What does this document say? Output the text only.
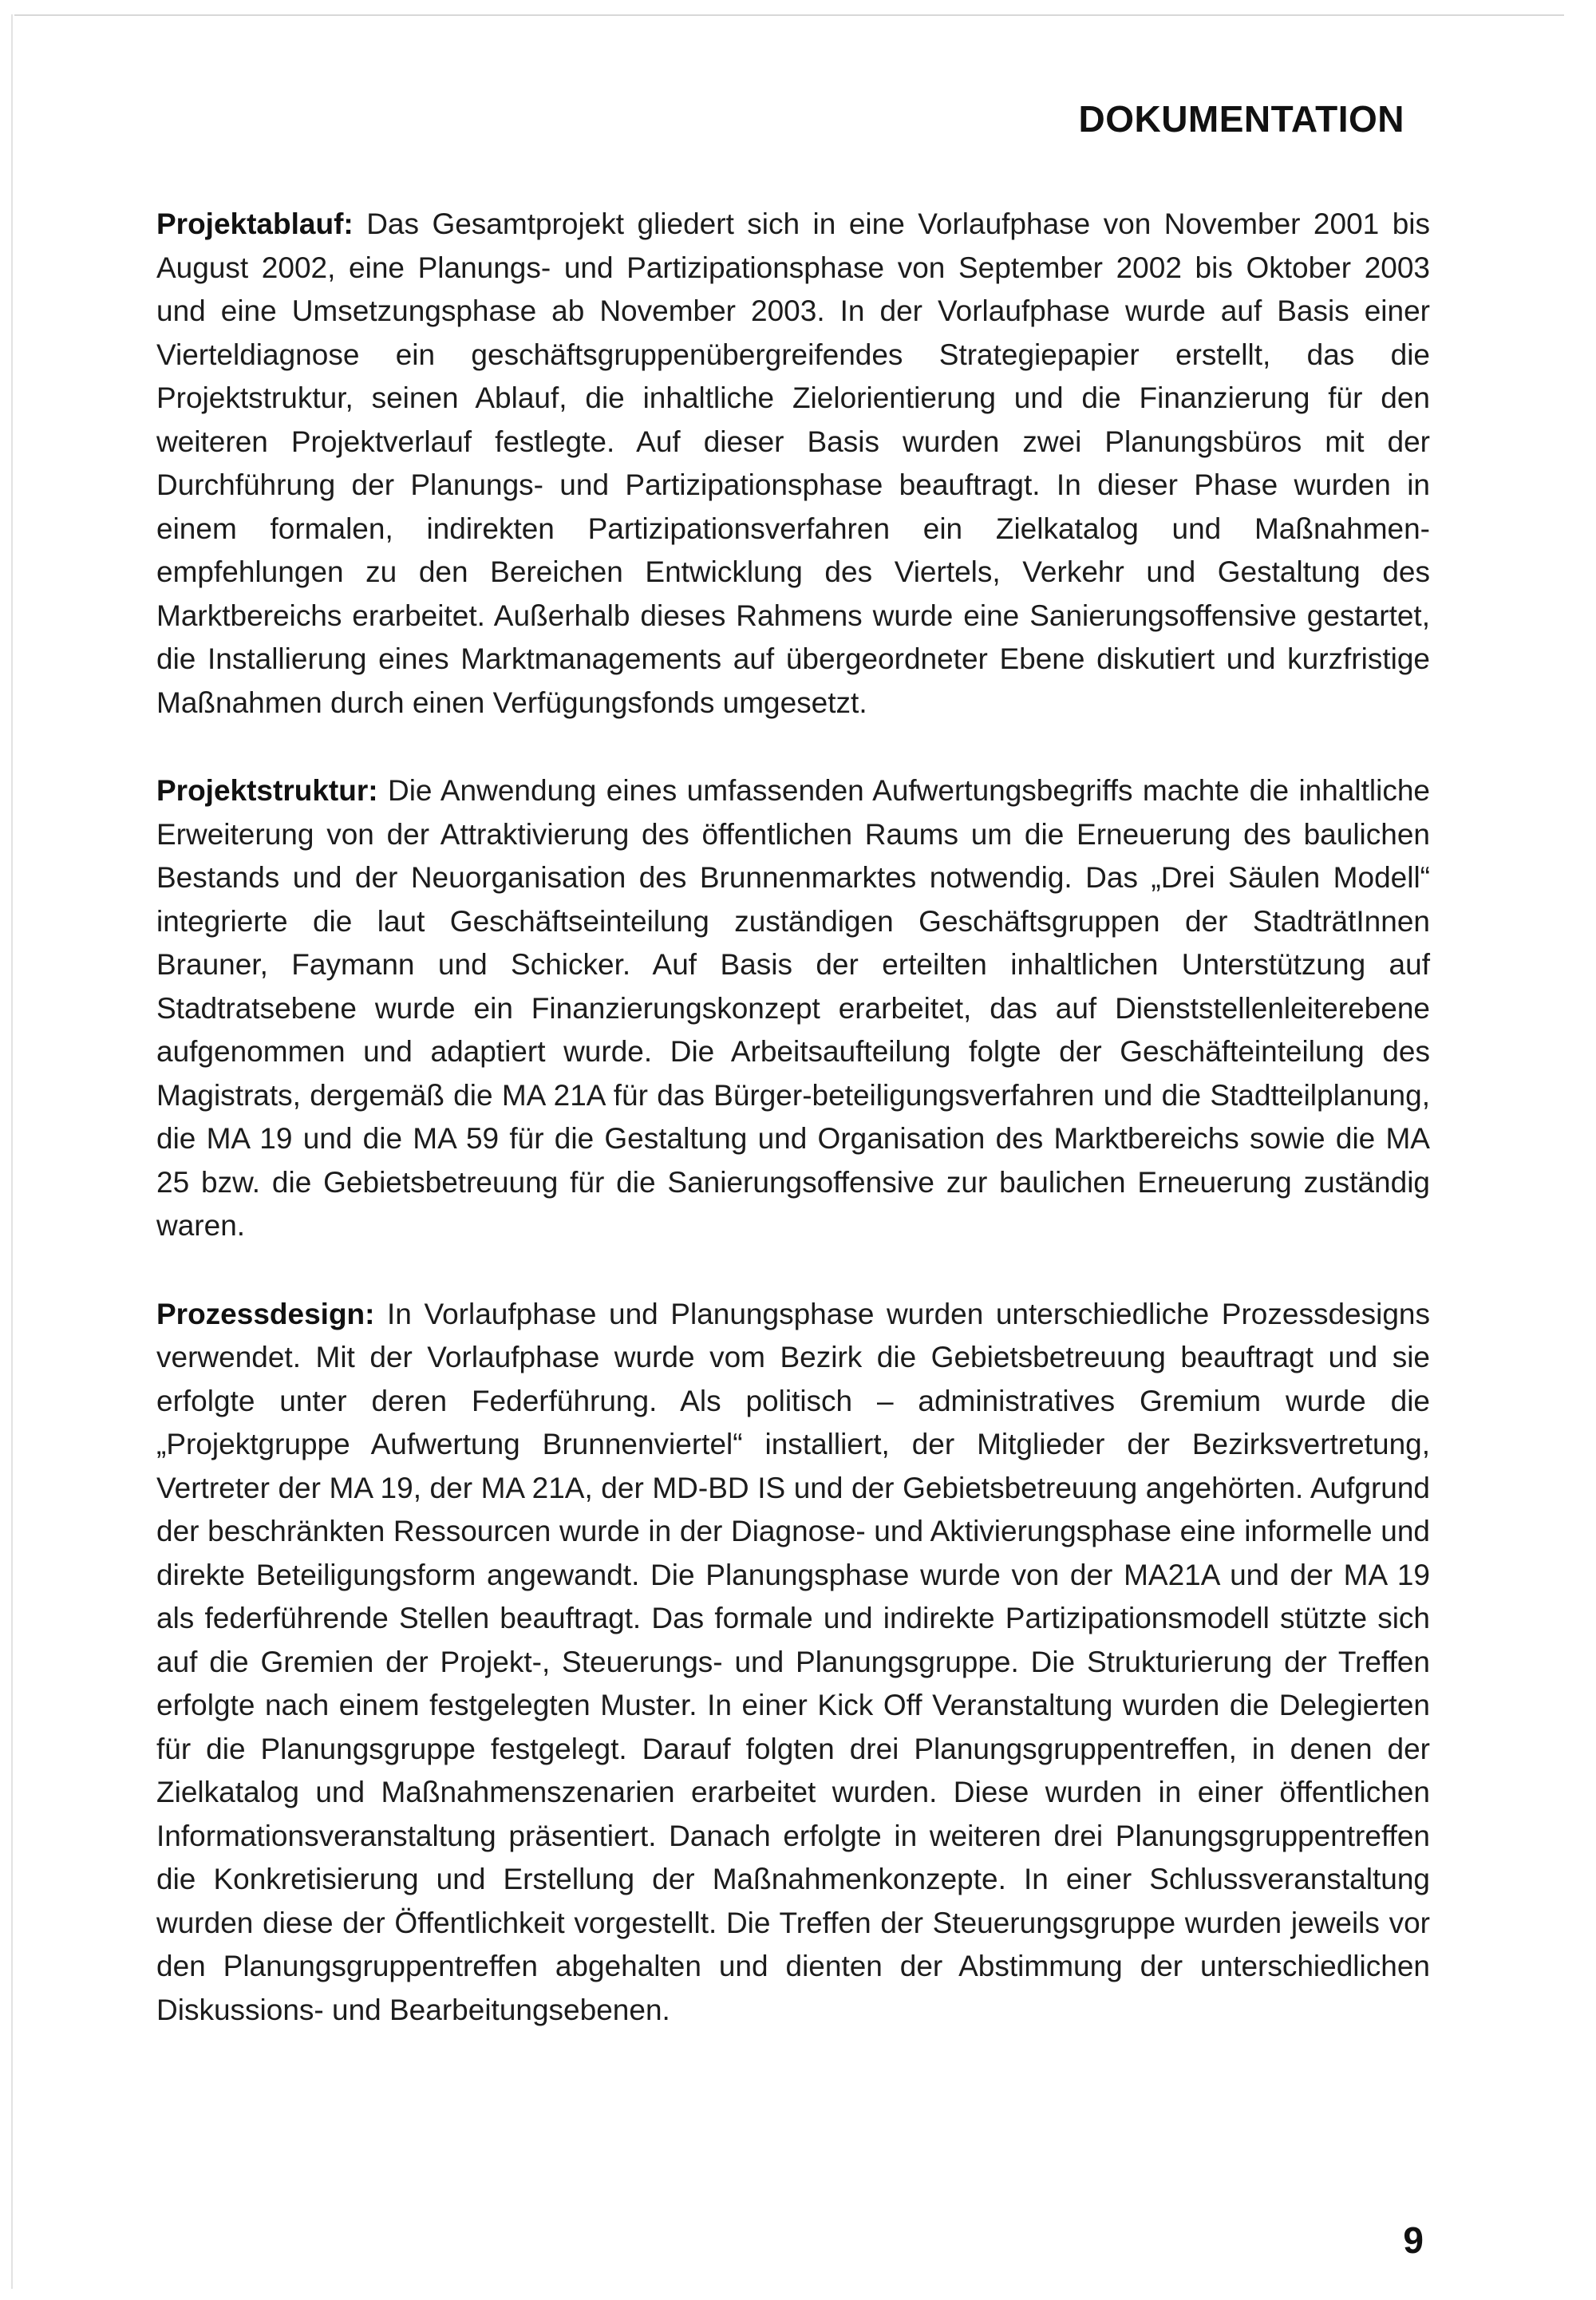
DOKUMENTATION

Projektablauf: Das Gesamtprojekt gliedert sich in eine Vorlaufphase von November 2001 bis August 2002, eine Planungs- und Partizipationsphase von September 2002 bis Oktober 2003 und eine Umsetzungsphase ab November 2003. In der Vorlaufphase wurde auf Basis einer Vierteldiagnose ein geschäftsgruppenübergreifendes Strategiepapier erstellt, das die Projektstruktur, seinen Ablauf, die inhaltliche Zielorientierung und die Finanzierung für den weiteren Projektverlauf festlegte. Auf dieser Basis wurden zwei Planungsbüros mit der Durchführung der Planungs- und Partizipationsphase beauftragt. In dieser Phase wurden in einem formalen, indirekten Partizipationsverfahren ein Zielkatalog und Maßnahmen-empfehlungen zu den Bereichen Entwicklung des Viertels, Verkehr und Gestaltung des Marktbereichs erarbeitet. Außerhalb dieses Rahmens wurde eine Sanierungsoffensive gestartet, die Installierung eines Marktmanagements auf übergeordneter Ebene diskutiert und kurzfristige Maßnahmen durch einen Verfügungsfonds umgesetzt.

Projektstruktur: Die Anwendung eines umfassenden Aufwertungsbegriffs machte die inhaltliche Erweiterung von der Attraktivierung des öffentlichen Raums um die Erneuerung des baulichen Bestands und der Neuorganisation des Brunnenmarktes notwendig. Das „Drei Säulen Modell“ integrierte die laut Geschäftseinteilung zuständigen Geschäftsgruppen der StadträtInnen Brauner, Faymann und Schicker. Auf Basis der erteilten inhaltlichen Unterstützung auf Stadtratsebene wurde ein Finanzierungskonzept erarbeitet, das auf Dienststellenleiterebene aufgenommen und adaptiert wurde. Die Arbeitsaufteilung folgte der Geschäfteinteilung des Magistrats, dergemäß die MA 21A für das Bürger-beteiligungsverfahren und die Stadtteilplanung, die MA 19 und die MA 59 für die Gestaltung und Organisation des Marktbereichs sowie die MA 25 bzw. die Gebietsbetreuung für die Sanierungsoffensive zur baulichen Erneuerung zuständig waren.

Prozessdesign: In Vorlaufphase und Planungsphase wurden unterschiedliche Prozessdesigns verwendet. Mit der Vorlaufphase wurde vom Bezirk die Gebietsbetreuung beauftragt und sie erfolgte unter deren Federführung. Als politisch – administratives Gremium wurde die „Projektgruppe Aufwertung Brunnenviertel“ installiert, der Mitglieder der Bezirksvertretung, Vertreter der MA 19, der MA 21A, der MD-BD IS und der Gebietsbetreuung angehörten. Aufgrund der beschränkten Ressourcen wurde in der Diagnose- und Aktivierungsphase eine informelle und direkte Beteiligungsform angewandt. Die Planungsphase wurde von der MA21A und der MA 19 als federführende Stellen beauftragt. Das formale und indirekte Partizipationsmodell stützte sich auf die Gremien der Projekt-, Steuerungs- und Planungsgruppe. Die Strukturierung der Treffen erfolgte nach einem festgelegten Muster. In einer Kick Off Veranstaltung wurden die Delegierten für die Planungsgruppe festgelegt. Darauf folgten drei Planungsgruppentreffen, in denen der Zielkatalog und Maßnahmenszenarien erarbeitet wurden. Diese wurden in einer öffentlichen Informationsveranstaltung präsentiert. Danach erfolgte in weiteren drei Planungsgruppentreffen die Konkretisierung und Erstellung der Maßnahmenkonzepte. In einer Schlussveranstaltung wurden diese der Öffentlichkeit vorgestellt. Die Treffen der Steuerungsgruppe wurden jeweils vor den Planungsgruppentreffen abgehalten und dienten der Abstimmung der unterschiedlichen Diskussions- und Bearbeitungsebenen.

9
